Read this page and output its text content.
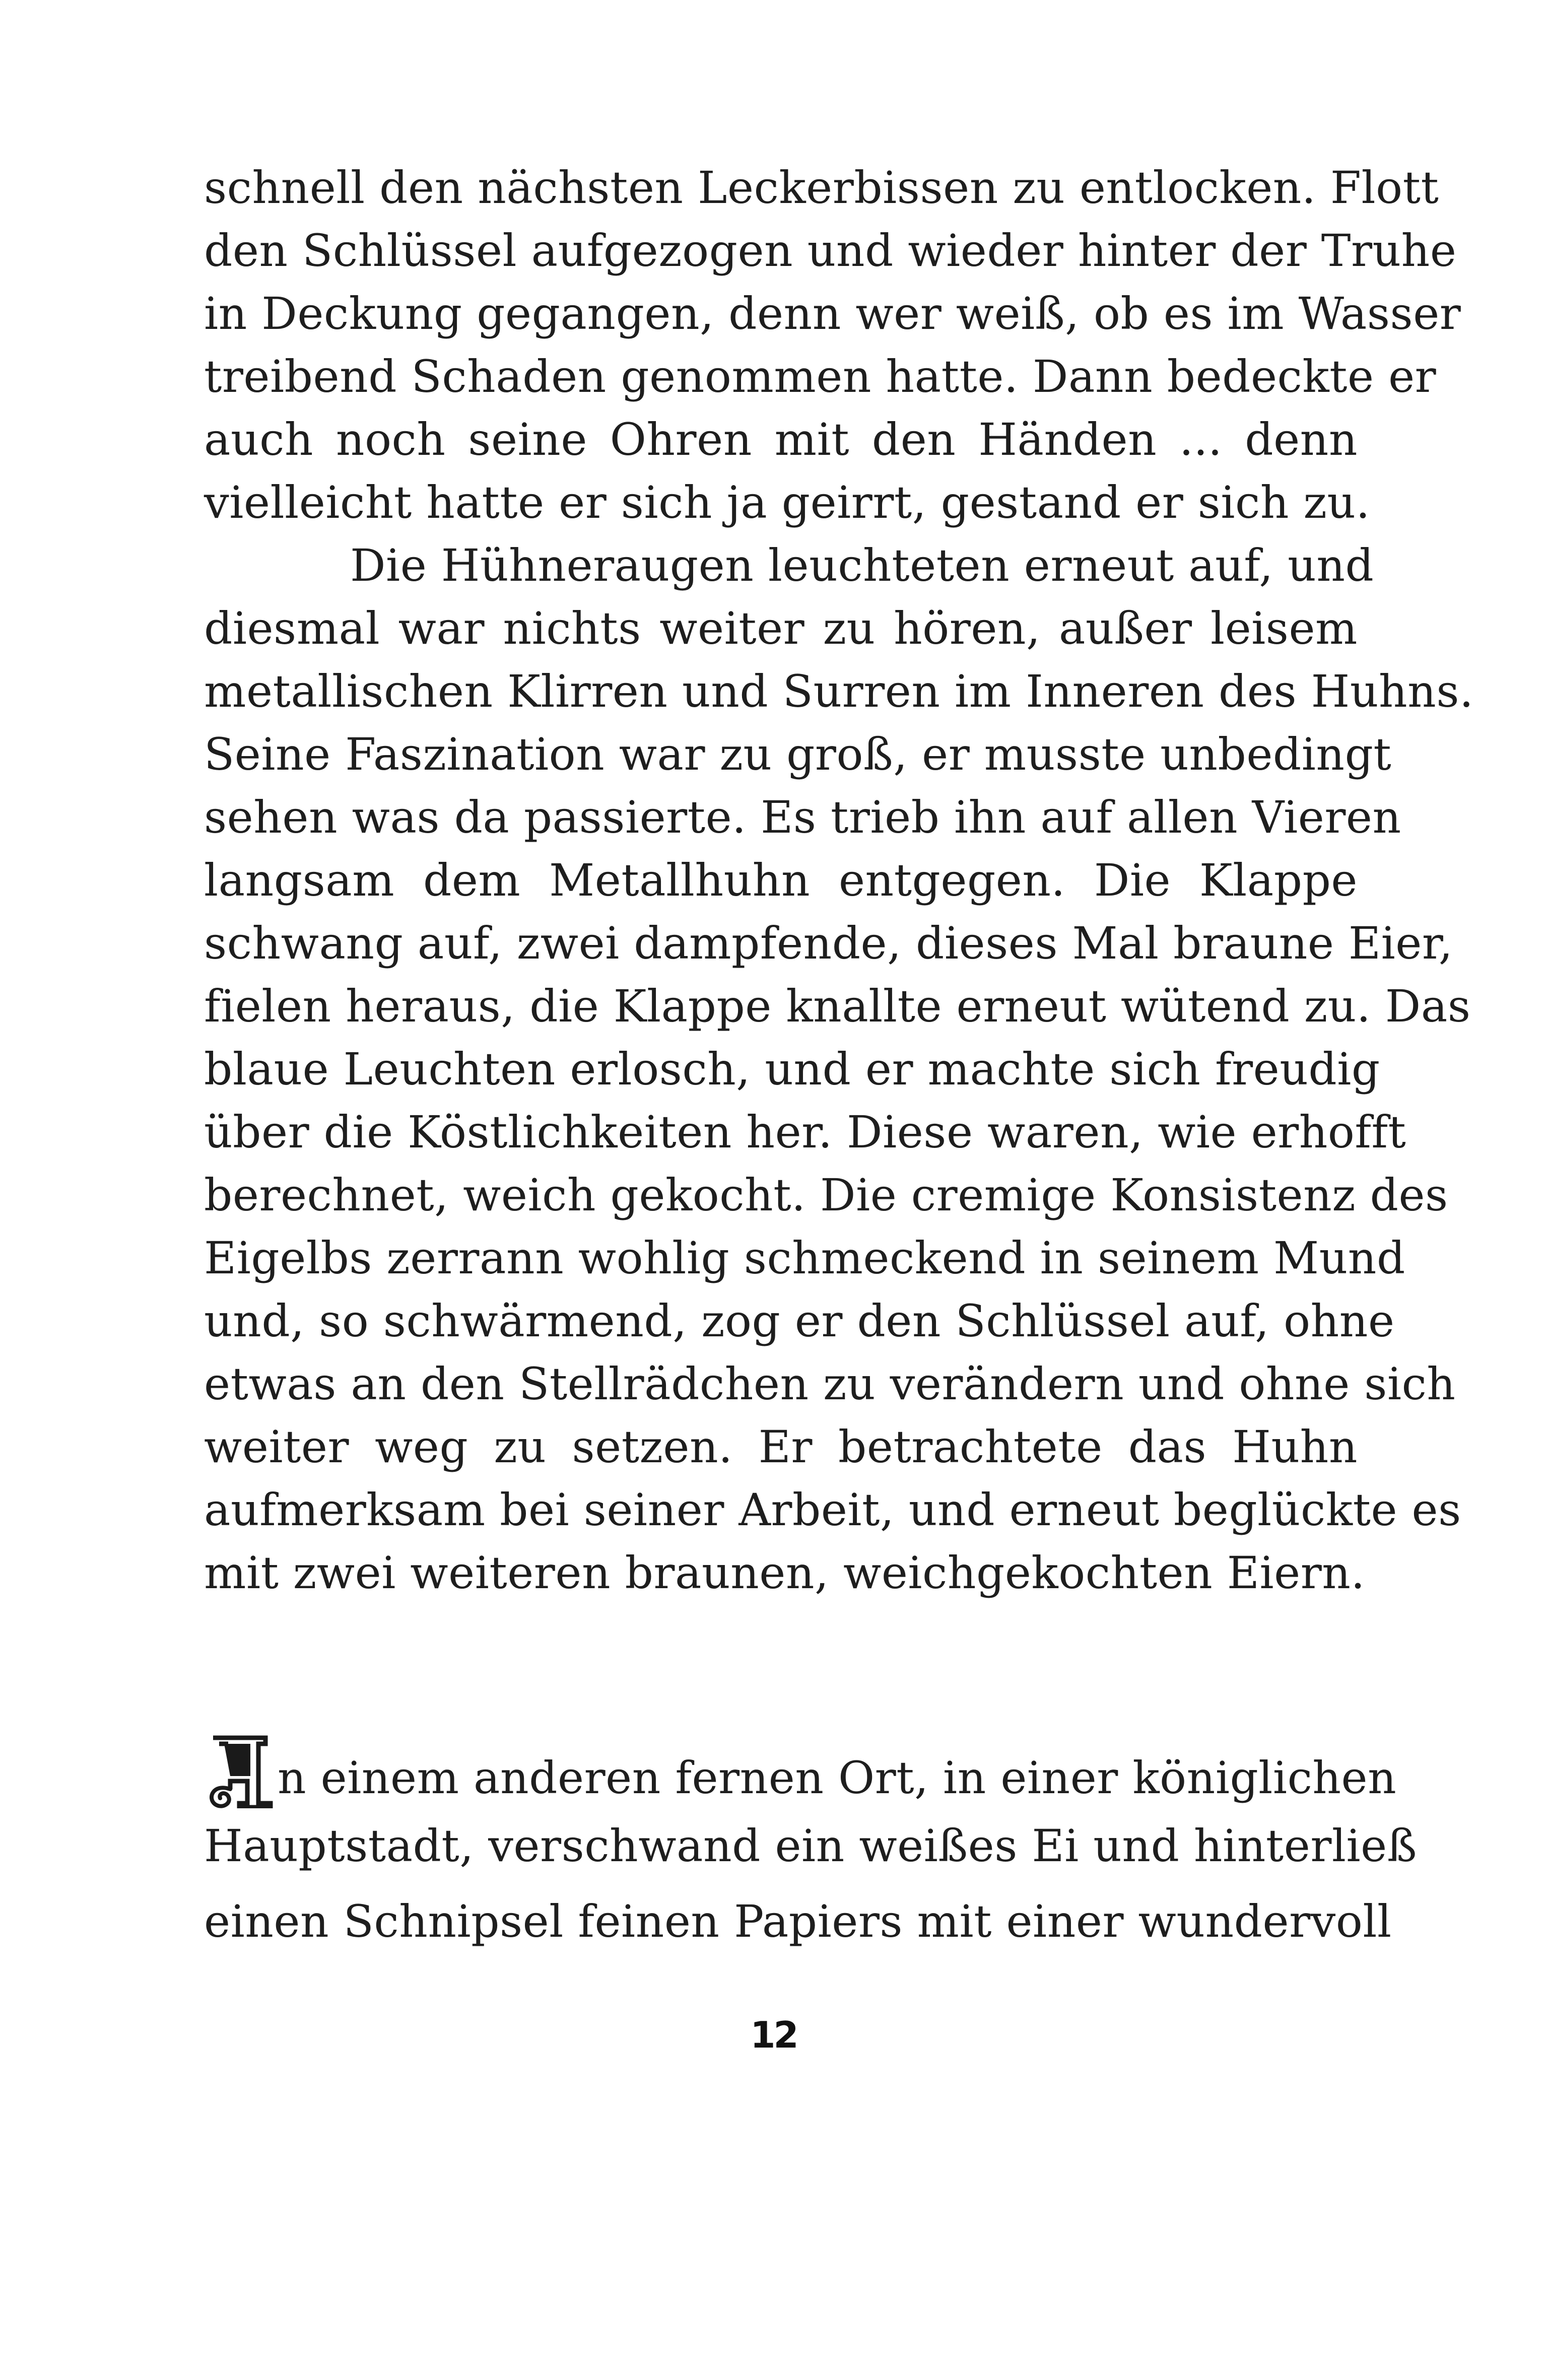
schnell den nächsten Leckerbissen zu entlocken. Flott
den Schlüssel aufgezogen und wieder hinter der Truhe
in Deckung gegangen, denn wer weiß, ob es im Wasser
treibend Schaden genommen hatte. Dann bedeckte er
auch noch seine Ohren mit den Händen ... denn
vielleicht hatte er sich ja geirrt, gestand er sich zu.
Die Hühneraugen leuchteten erneut auf, und
diesmal war nichts weiter zu hören, außer leisem
metallischen Klirren und Surren im Inneren des Huhns.
Seine Faszination war zu groß, er musste unbedingt
sehen was da passierte. Es trieb ihn auf allen Vieren
langsam dem Metallhuhn entgegen. Die Klappe
schwang auf, zwei dampfende, dieses Mal braune Eier,
fielen heraus, die Klappe knallte erneut wütend zu. Das
blaue Leuchten erlosch, und er machte sich freudig
über die Köstlichkeiten her. Diese waren, wie erhofft
berechnet, weich gekocht. Die cremige Konsistenz des
Eigelbs zerrann wohlig schmeckend in seinem Mund
und, so schwärmend, zog er den Schlüssel auf, ohne
etwas an den Stellrädchen zu verändern und ohne sich
weiter weg zu setzen. Er betrachtete das Huhn
aufmerksam bei seiner Arbeit, und erneut beglückte es
mit zwei weiteren braunen, weichgekochten Eiern.
A n einem anderen fernen Ort, in einer königlichen
Hauptstadt, verschwand ein weißes Ei und hinterließ
einen Schnipsel feinen Papiers mit einer wundervoll
12
